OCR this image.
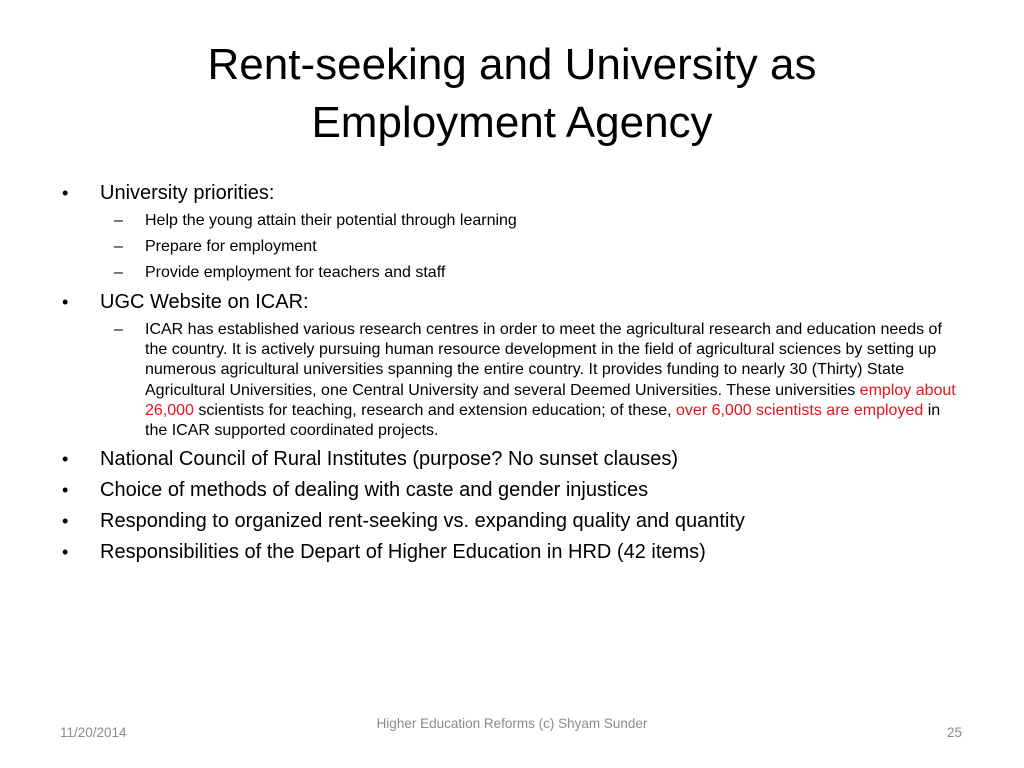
Rent-seeking and University as
Employment Agency
• University priorities:
– Help the young attain their potential through learning
– Prepare for employment
– Provide employment for teachers and staff
• UGC Website on ICAR:
– ICAR has established various research centres in order to meet the agricultural research and education needs of the country. It is actively pursuing human resource development in the field of agricultural sciences by setting up numerous agricultural universities spanning the entire country. It provides funding to nearly 30 (Thirty) State Agricultural Universities, one Central University and several Deemed Universities. These universities employ about 26,000 scientists for teaching, research and extension education; of these, over 6,000 scientists are employed in the ICAR supported coordinated projects.
• National Council of Rural Institutes (purpose? No sunset clauses)
• Choice of methods of dealing with caste and gender injustices
• Responding to organized rent-seeking vs. expanding quality and quantity
• Responsibilities of the Depart of Higher Education in HRD (42 items)
11/20/2014
Higher Education Reforms (c) Shyam Sunder
25
